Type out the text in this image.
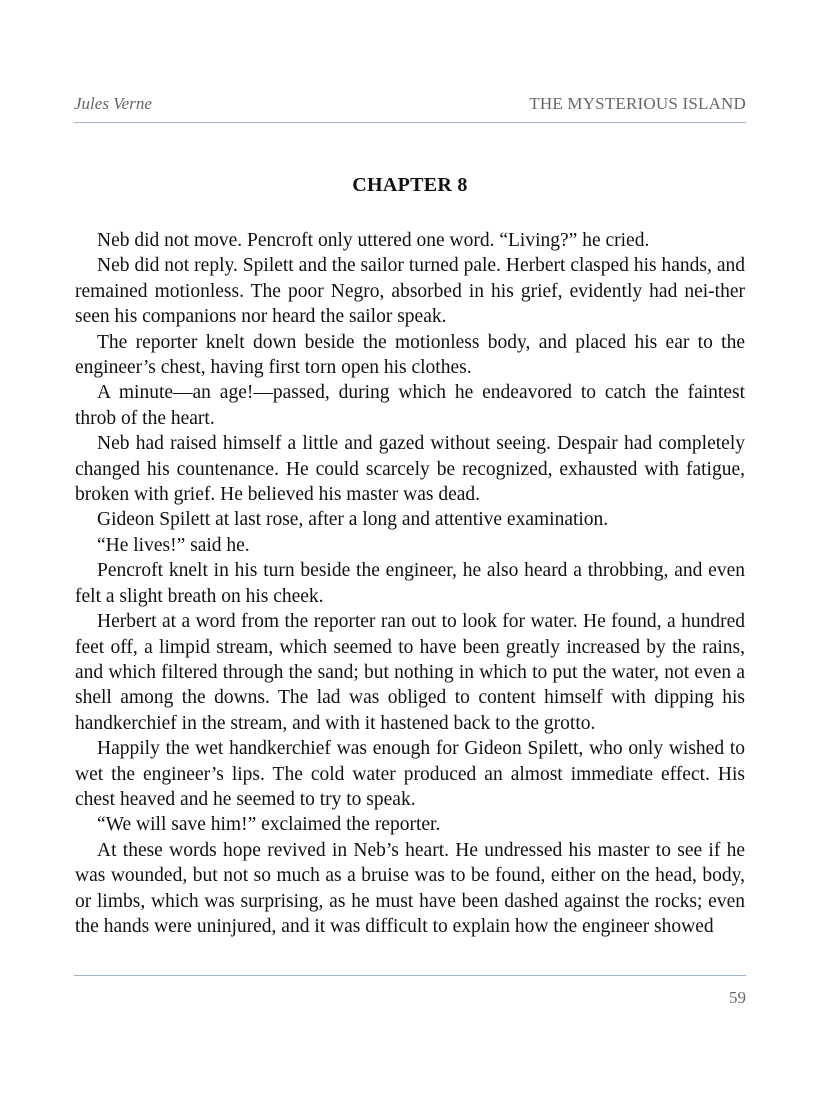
Jules Verne	THE MYSTERIOUS ISLAND
CHAPTER 8

Neb did not move. Pencroft only uttered one word. “Living?” he cried.

Neb did not reply. Spilett and the sailor turned pale. Herbert clasped his hands, and remained motionless. The poor Negro, absorbed in his grief, evidently had nei-ther seen his companions nor heard the sailor speak.

The reporter knelt down beside the motionless body, and placed his ear to the engineer’s chest, having first torn open his clothes.

A minute—an age!—passed, during which he endeavored to catch the faintest throb of the heart.

Neb had raised himself a little and gazed without seeing. Despair had completely changed his countenance. He could scarcely be recognized, exhausted with fatigue, broken with grief. He believed his master was dead.

Gideon Spilett at last rose, after a long and attentive examination.

“He lives!” said he.

Pencroft knelt in his turn beside the engineer, he also heard a throbbing, and even felt a slight breath on his cheek.

Herbert at a word from the reporter ran out to look for water. He found, a hundred feet off, a limpid stream, which seemed to have been greatly increased by the rains, and which filtered through the sand; but nothing in which to put the water, not even a shell among the downs. The lad was obliged to content himself with dipping his handkerchief in the stream, and with it hastened back to the grotto.

Happily the wet handkerchief was enough for Gideon Spilett, who only wished to wet the engineer’s lips. The cold water produced an almost immediate effect. His chest heaved and he seemed to try to speak.

“We will save him!” exclaimed the reporter.

At these words hope revived in Neb’s heart. He undressed his master to see if he was wounded, but not so much as a bruise was to be found, either on the head, body, or limbs, which was surprising, as he must have been dashed against the rocks; even the hands were uninjured, and it was difficult to explain how the engineer showed

59
